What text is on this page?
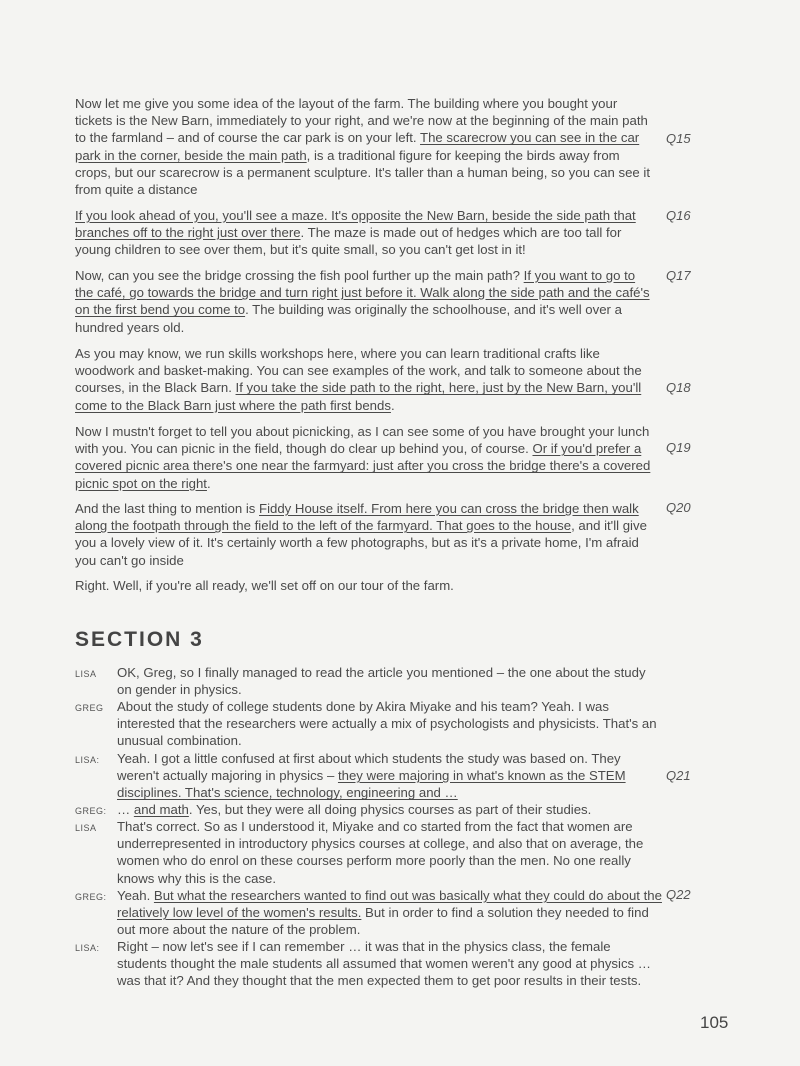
Now let me give you some idea of the layout of the farm. The building where you bought your tickets is the New Barn, immediately to your right, and we're now at the beginning of the main path to the farmland – and of course the car park is on your left. The scarecrow you can see in the car park in the corner, beside the main path, is a traditional figure for keeping the birds away from crops, but our scarecrow is a permanent sculpture. It's taller than a human being, so you can see it from quite a distance
Q15
If you look ahead of you, you'll see a maze. It's opposite the New Barn, beside the side path that branches off to the right just over there. The maze is made out of hedges which are too tall for young children to see over them, but it's quite small, so you can't get lost in it!
Q16
Now, can you see the bridge crossing the fish pool further up the main path? If you want to go to the café, go towards the bridge and turn right just before it. Walk along the side path and the café's on the first bend you come to. The building was originally the schoolhouse, and it's well over a hundred years old.
Q17
As you may know, we run skills workshops here, where you can learn traditional crafts like woodwork and basket-making. You can see examples of the work, and talk to someone about the courses, in the Black Barn. If you take the side path to the right, here, just by the New Barn, you'll come to the Black Barn just where the path first bends.
Q18
Now I mustn't forget to tell you about picnicking, as I can see some of you have brought your lunch with you. You can picnic in the field, though do clear up behind you, of course. Or if you'd prefer a covered picnic area there's one near the farmyard: just after you cross the bridge there's a covered picnic spot on the right.
Q19
And the last thing to mention is Fiddy House itself. From here you can cross the bridge then walk along the footpath through the field to the left of the farmyard. That goes to the house, and it'll give you a lovely view of it. It's certainly worth a few photographs, but as it's a private home, I'm afraid you can't go inside
Q20
Right. Well, if you're all ready, we'll set off on our tour of the farm.
SECTION 3
LISA OK, Greg, so I finally managed to read the article you mentioned – the one about the study on gender in physics.
GREG About the study of college students done by Akira Miyake and his team? Yeah. I was interested that the researchers were actually a mix of psychologists and physicists. That's an unusual combination.
LISA: Yeah. I got a little confused at first about which students the study was based on. They weren't actually majoring in physics – they were majoring in what's known as the STEM disciplines. That's science, technology, engineering and …
Q21
GREG: … and math. Yes, but they were all doing physics courses as part of their studies.
LISA That's correct. So as I understood it, Miyake and co started from the fact that women are underrepresented in introductory physics courses at college, and also that on average, the women who do enrol on these courses perform more poorly than the men. No one really knows why this is the case.
GREG: Yeah. But what the researchers wanted to find out was basically what they could do about the relatively low level of the women's results. But in order to find a solution they needed to find out more about the nature of the problem.
Q22
LISA: Right – now let's see if I can remember … it was that in the physics class, the female students thought the male students all assumed that women weren't any good at physics … was that it? And they thought that the men expected them to get poor results in their tests.
105
